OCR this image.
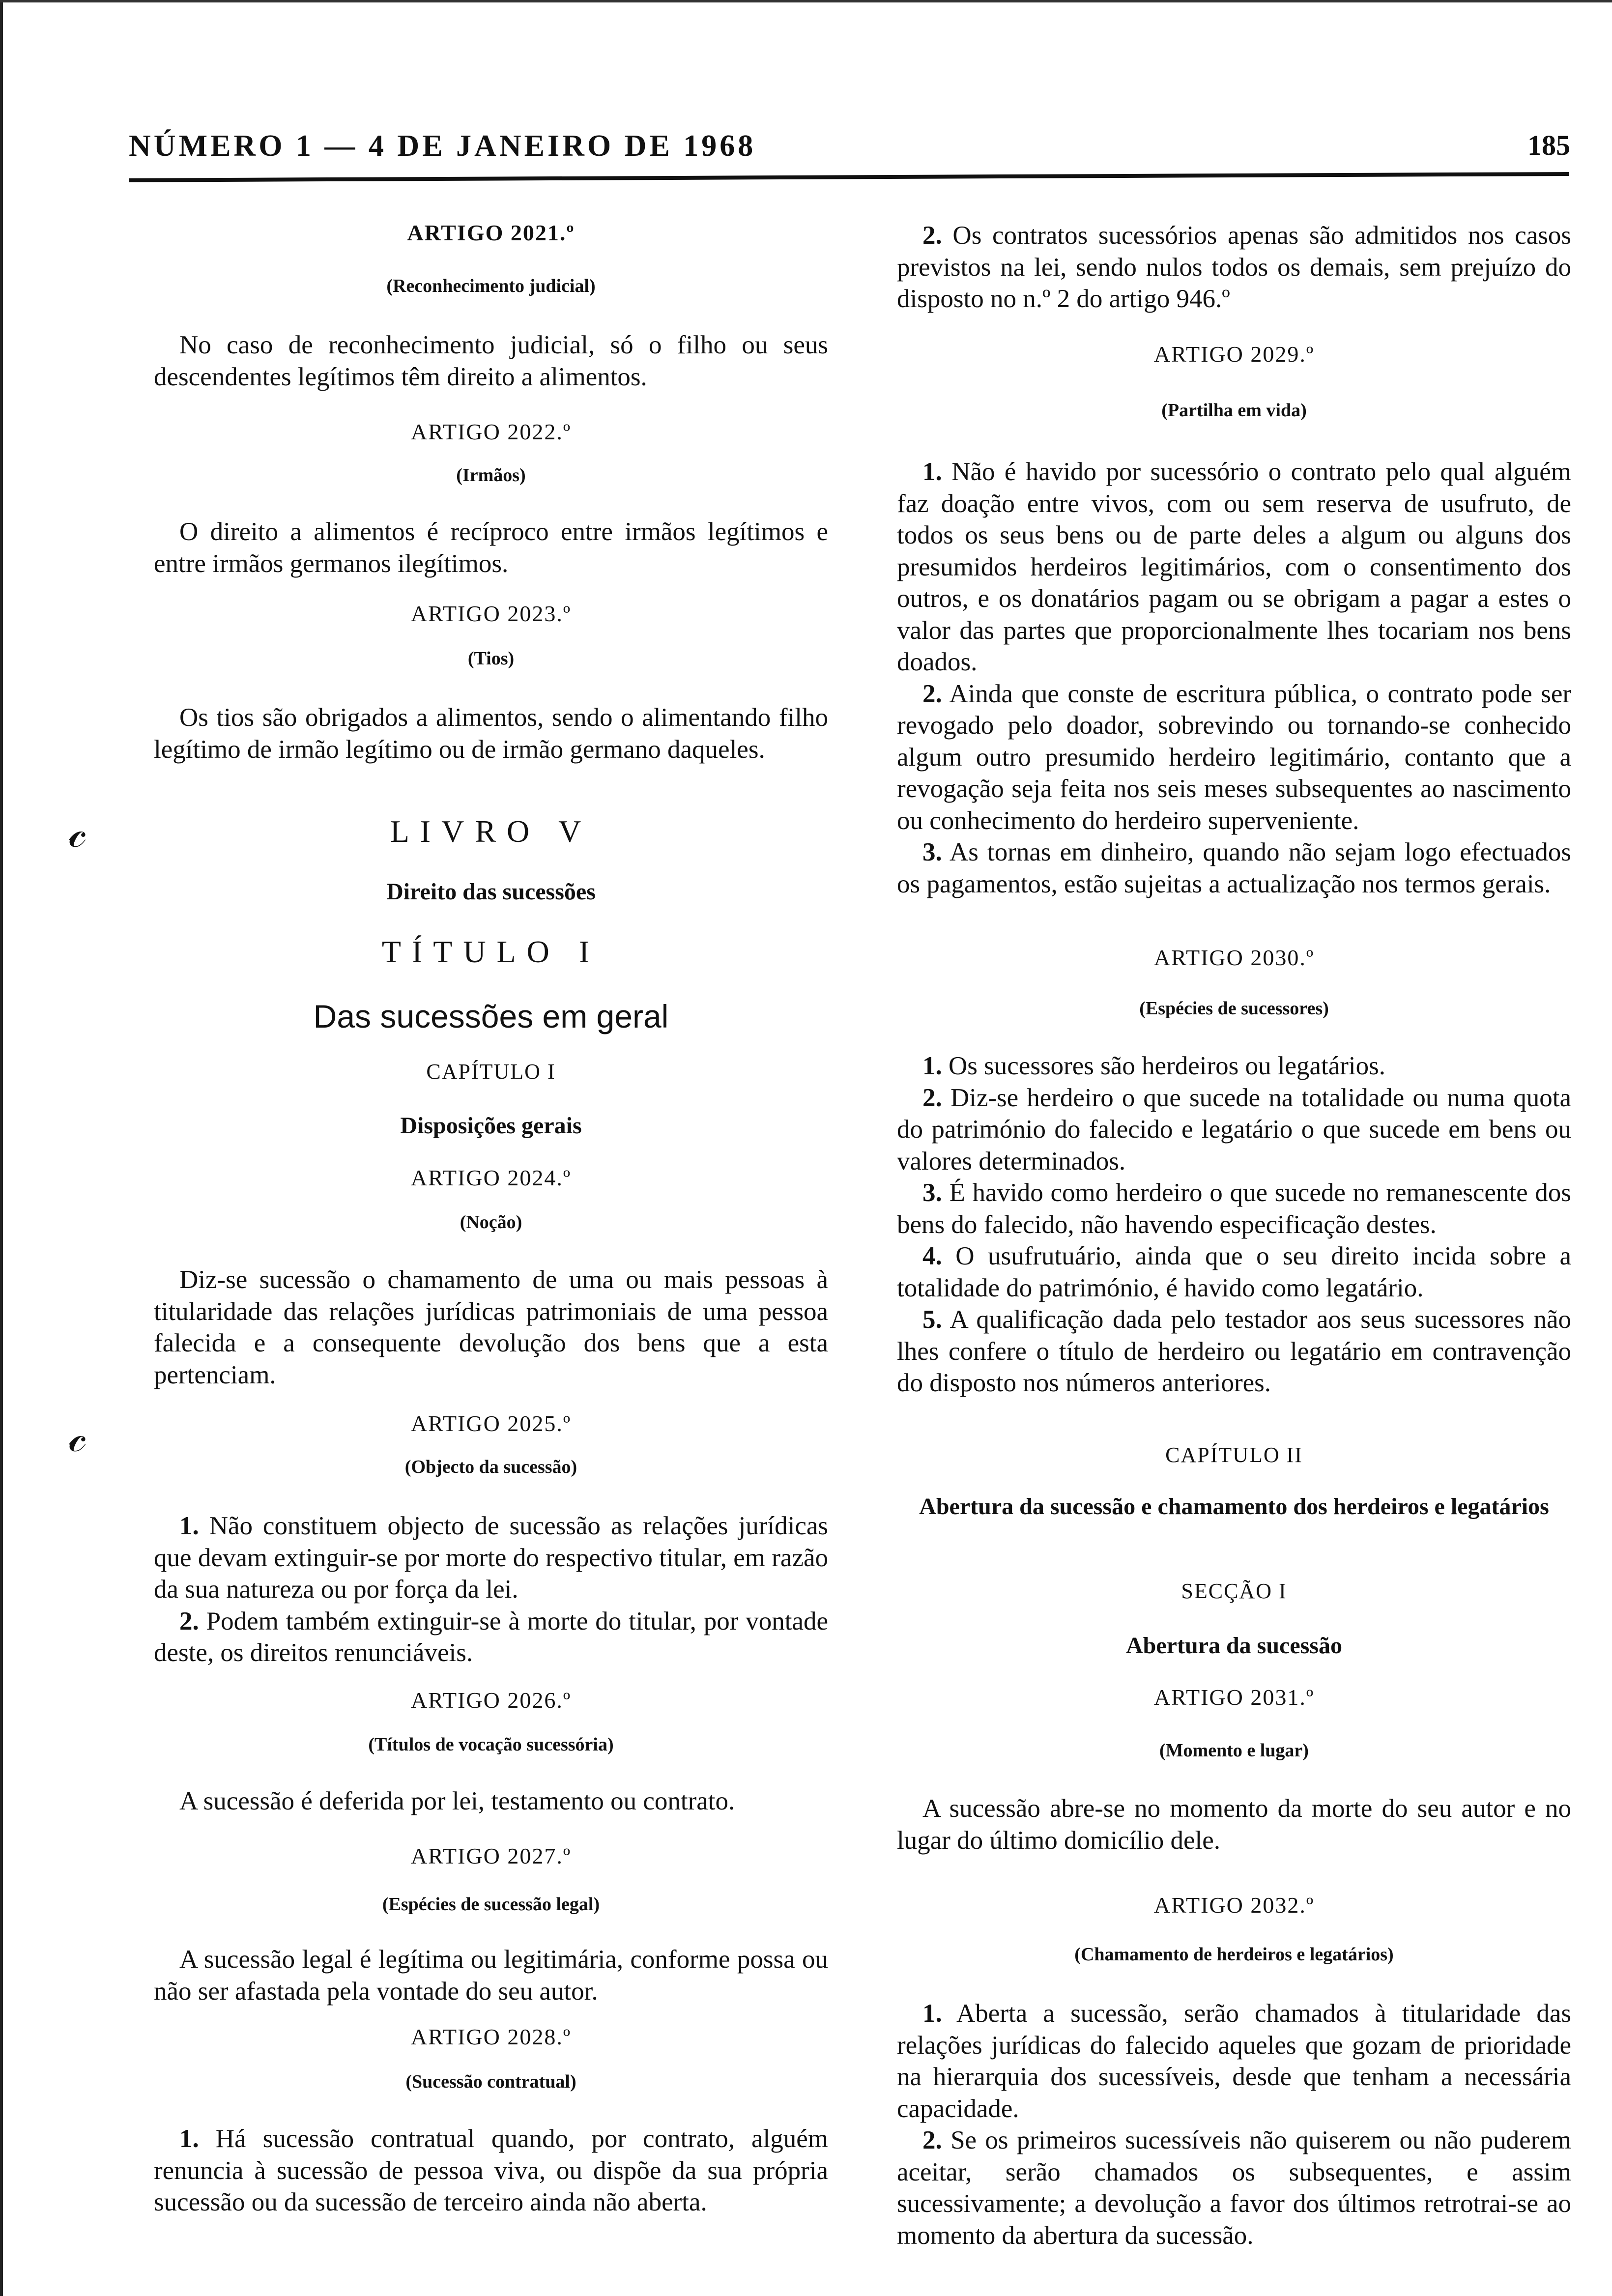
NÚMERO 1 — 4 DE JANEIRO DE 1968	185
𝒸
𝒸
ARTIGO 2021.º
(Reconhecimento judicial)

No caso de reconhecimento judicial, só o filho ou seus descendentes legítimos têm direito a alimentos.

ARTIGO 2022.º
(Irmãos)

O direito a alimentos é recíproco entre irmãos legítimos e entre irmãos germanos ilegítimos.

ARTIGO 2023.º
(Tios)

Os tios são obrigados a alimentos, sendo o alimentando filho legítimo de irmão legítimo ou de irmão germano daqueles.

LIVRO V
Direito das sucessões
TÍTULO I
Das sucessões em geral
CAPÍTULO I
Disposições gerais
ARTIGO 2024.º
(Noção)

Diz-se sucessão o chamamento de uma ou mais pessoas à titularidade das relações jurídicas patrimoniais de uma pessoa falecida e a consequente devolução dos bens que a esta pertenciam.

ARTIGO 2025.º
(Objecto da sucessão)

1. Não constituem objecto de sucessão as relações jurídicas que devam extinguir-se por morte do respectivo titular, em razão da sua natureza ou por força da lei.

2. Podem também extinguir-se à morte do titular, por vontade deste, os direitos renunciáveis.

ARTIGO 2026.º
(Títulos de vocação sucessória)

A sucessão é deferida por lei, testamento ou contrato.

ARTIGO 2027.º
(Espécies de sucessão legal)

A sucessão legal é legítima ou legitimária, conforme possa ou não ser afastada pela vontade do seu autor.

ARTIGO 2028.º
(Sucessão contratual)

1. Há sucessão contratual quando, por contrato, alguém renuncia à sucessão de pessoa viva, ou dispõe da sua própria sucessão ou da sucessão de terceiro ainda não aberta.

2. Os contratos sucessórios apenas são admitidos nos casos previstos na lei, sendo nulos todos os demais, sem prejuízo do disposto no n.º 2 do artigo 946.º

ARTIGO 2029.º
(Partilha em vida)

1. Não é havido por sucessório o contrato pelo qual alguém faz doação entre vivos, com ou sem reserva de usufruto, de todos os seus bens ou de parte deles a algum ou alguns dos presumidos herdeiros legitimários, com o consentimento dos outros, e os donatários pagam ou se obrigam a pagar a estes o valor das partes que proporcionalmente lhes tocariam nos bens doados.

2. Ainda que conste de escritura pública, o contrato pode ser revogado pelo doador, sobrevindo ou tornando-se conhecido algum outro presumido herdeiro legitimário, contanto que a revogação seja feita nos seis meses subsequentes ao nascimento ou conhecimento do herdeiro superveniente.

3. As tornas em dinheiro, quando não sejam logo efectuados os pagamentos, estão sujeitas a actualização nos termos gerais.

ARTIGO 2030.º
(Espécies de sucessores)

1. Os sucessores são herdeiros ou legatários.

2. Diz-se herdeiro o que sucede na totalidade ou numa quota do património do falecido e legatário o que sucede em bens ou valores determinados.

3. É havido como herdeiro o que sucede no remanescente dos bens do falecido, não havendo especificação destes.

4. O usufrutuário, ainda que o seu direito incida sobre a totalidade do património, é havido como legatário.

5. A qualificação dada pelo testador aos seus sucessores não lhes confere o título de herdeiro ou legatário em contravenção do disposto nos números anteriores.

CAPÍTULO II
Abertura da sucessão e chamamento dos herdeiros e legatários
SECÇÃO I
Abertura da sucessão
ARTIGO 2031.º
(Momento e lugar)

A sucessão abre-se no momento da morte do seu autor e no lugar do último domicílio dele.

ARTIGO 2032.º
(Chamamento de herdeiros e legatários)

1. Aberta a sucessão, serão chamados à titularidade das relações jurídicas do falecido aqueles que gozam de prioridade na hierarquia dos sucessíveis, desde que tenham a necessária capacidade.

2. Se os primeiros sucessíveis não quiserem ou não puderem aceitar, serão chamados os subsequentes, e assim sucessivamente; a devolução a favor dos últimos retrotrai-se ao momento da abertura da sucessão.
